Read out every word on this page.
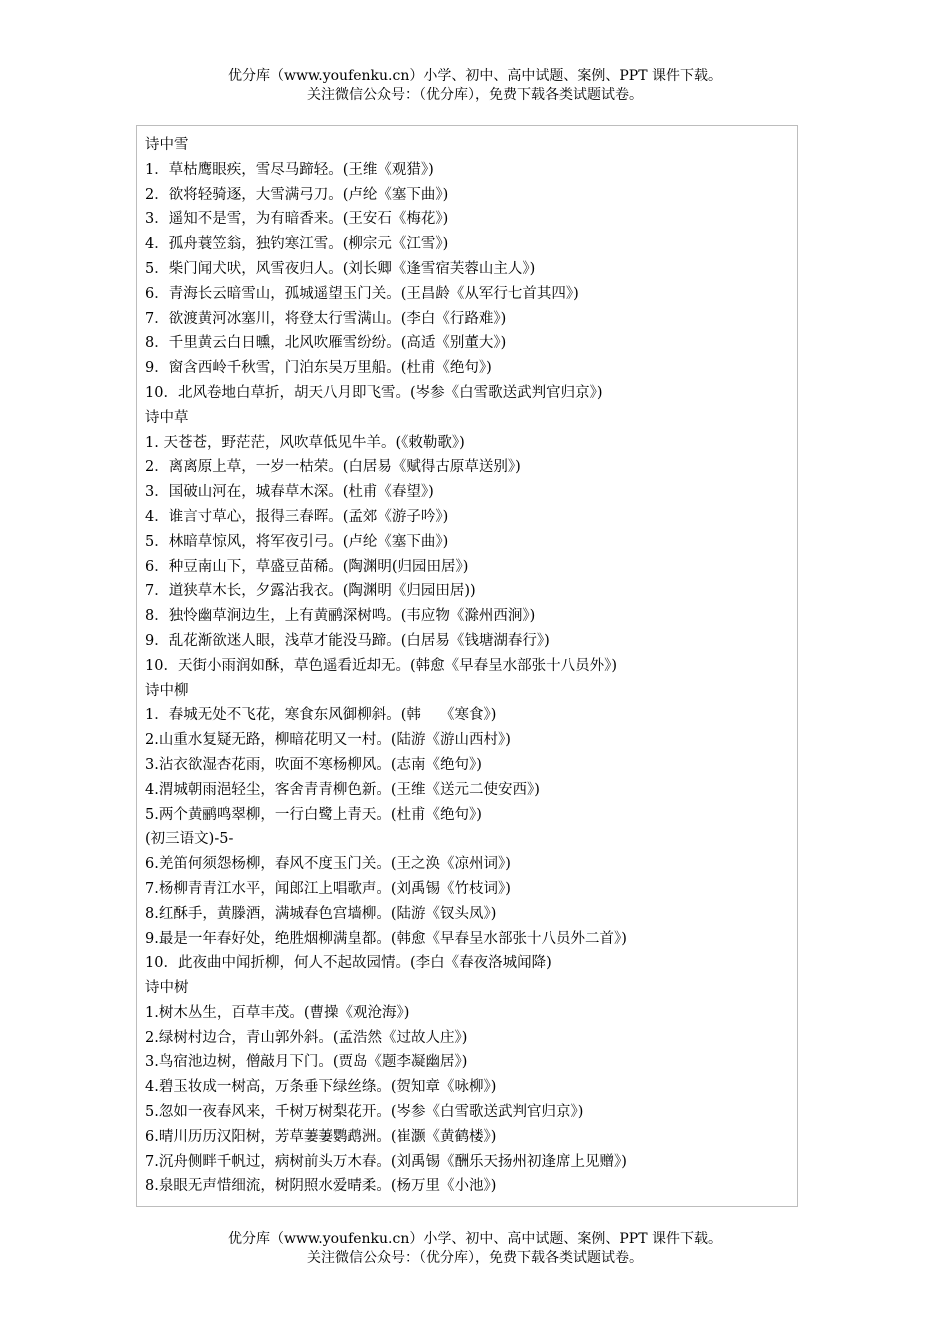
优分库（www.youfenku.cn）小学、初中、高中试题、案例、PPT 课件下载。
关注微信公众号：（优分库），免费下载各类试题试卷。
诗中雪
1．草枯鹰眼疾，雪尽马蹄轻。(王维《观猎》)
2．欲将轻骑逐，大雪满弓刀。(卢纶《塞下曲》)
3．遥知不是雪，为有暗香来。(王安石《梅花》)
4．孤舟蓑笠翁，独钓寒江雪。(柳宗元《江雪》)
5．柴门闻犬吠，风雪夜归人。(刘长卿《逢雪宿芙蓉山主人》)
6．青海长云暗雪山，孤城遥望玉门关。(王昌龄《从军行七首其四》)
7．欲渡黄河冰塞川，将登太行雪满山。(李白《行路难》)
8．千里黄云白日曛，北风吹雁雪纷纷。(高适《别董大》)
9．窗含西岭千秋雪，门泊东吴万里船。(杜甫《绝句》)
10．北风卷地白草折，胡天八月即飞雪。(岑参《白雪歌送武判官归京》)
诗中草
1. 天苍苍，野茫茫，风吹草低见牛羊。(《敕勒歌》)
2．离离原上草，一岁一枯荣。(白居易《赋得古原草送别》)
3．国破山河在，城春草木深。(杜甫《春望》)
4．谁言寸草心，报得三春晖。(孟郊《游子吟》)
5．林暗草惊风，将军夜引弓。(卢纶《塞下曲》)
6．种豆南山下，草盛豆苗稀。(陶渊明(归园田居》)
7．道狭草木长，夕露沾我衣。(陶渊明《归园田居))
8．独怜幽草涧边生，上有黄鹂深树鸣。(韦应物《滁州西涧》)
9．乱花渐欲迷人眼，浅草才能没马蹄。(白居易《钱塘湖春行》)
10．天街小雨润如酥，草色遥看近却无。(韩愈《早春呈水部张十八员外》)
诗中柳
1．春城无处不飞花，寒食东风御柳斜。(韩　 《寒食》)
2.山重水复疑无路，柳暗花明又一村。(陆游《游山西村》)
3.沾衣欲湿杏花雨，吹面不寒杨柳风。(志南《绝句》)
4.渭城朝雨浥轻尘，客舍青青柳色新。(王维《送元二使安西》)
5.两个黄鹂鸣翠柳，一行白鹭上青天。(杜甫《绝句》)
(初三语文)-5-
6.羌笛何须怨杨柳，春风不度玉门关。(王之涣《凉州词》)
7.杨柳青青江水平，闻郎江上唱歌声。(刘禹锡《竹枝词》)
8.红酥手，黄滕酒，满城春色宫墙柳。(陆游《钗头凤》)
9.最是一年春好处，绝胜烟柳满皇都。(韩愈《早春呈水部张十八员外二首》)
10．此夜曲中闻折柳，何人不起故园情。(李白《春夜洛城闻降)
诗中树
1.树木丛生，百草丰茂。(曹操《观沧海》)
2.绿树村边合，青山郭外斜。(孟浩然《过故人庄》)
3.鸟宿池边树，僧敲月下门。(贾岛《题李凝幽居》)
4.碧玉妆成一树高，万条垂下绿丝绦。(贺知章《咏柳》)
5.忽如一夜春风来，千树万树梨花开。(岑参《白雪歌送武判官归京》)
6.晴川历历汉阳树，芳草萋萋鹦鹉洲。(崔灏《黄鹤楼》)
7.沉舟侧畔千帆过，病树前头万木春。(刘禹锡《酬乐天扬州初逢席上见赠》)
8.泉眼无声惜细流，树阴照水爱晴柔。(杨万里《小池》)
优分库（www.youfenku.cn）小学、初中、高中试题、案例、PPT 课件下载。
关注微信公众号：（优分库），免费下载各类试题试卷。
